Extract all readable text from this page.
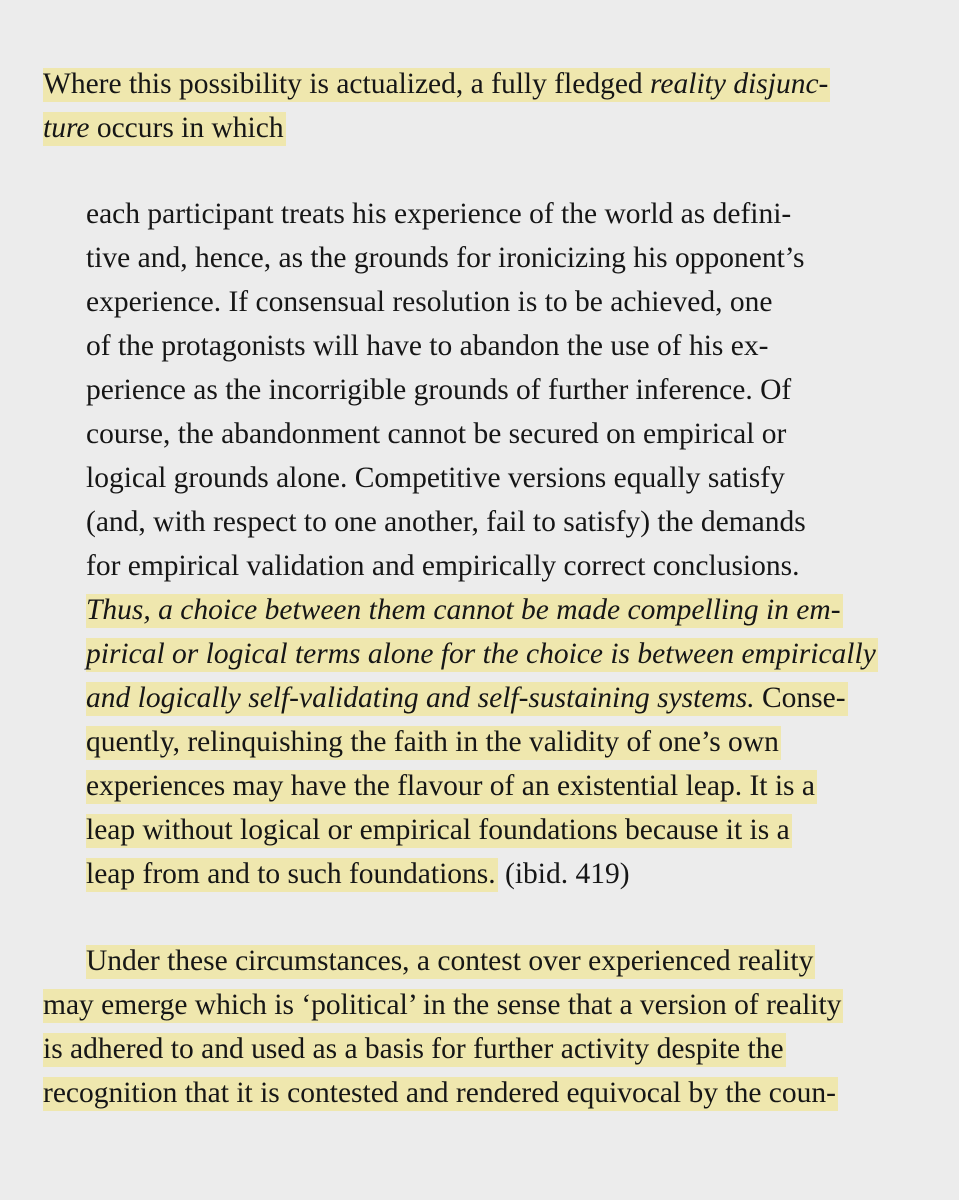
Where this possibility is actualized, a fully fledged reality disjunc-
ture occurs in which
each participant treats his experience of the world as defini-
tive and, hence, as the grounds for ironicizing his opponent’s
experience. If consensual resolution is to be achieved, one
of the protagonists will have to abandon the use of his ex-
perience as the incorrigible grounds of further inference. Of
course, the abandonment cannot be secured on empirical or
logical grounds alone. Competitive versions equally satisfy
(and, with respect to one another, fail to satisfy) the demands
for empirical validation and empirically correct conclusions.
Thus, a choice between them cannot be made compelling in em-
pirical or logical terms alone for the choice is between empirically
and logically self-validating and self-sustaining systems. Conse-
quently, relinquishing the faith in the validity of one’s own
experiences may have the flavour of an existential leap. It is a
leap without logical or empirical foundations because it is a
leap from and to such foundations. (ibid. 419)
Under these circumstances, a contest over experienced reality
may emerge which is ‘political’ in the sense that a version of reality
is adhered to and used as a basis for further activity despite the
recognition that it is contested and rendered equivocal by the coun-
